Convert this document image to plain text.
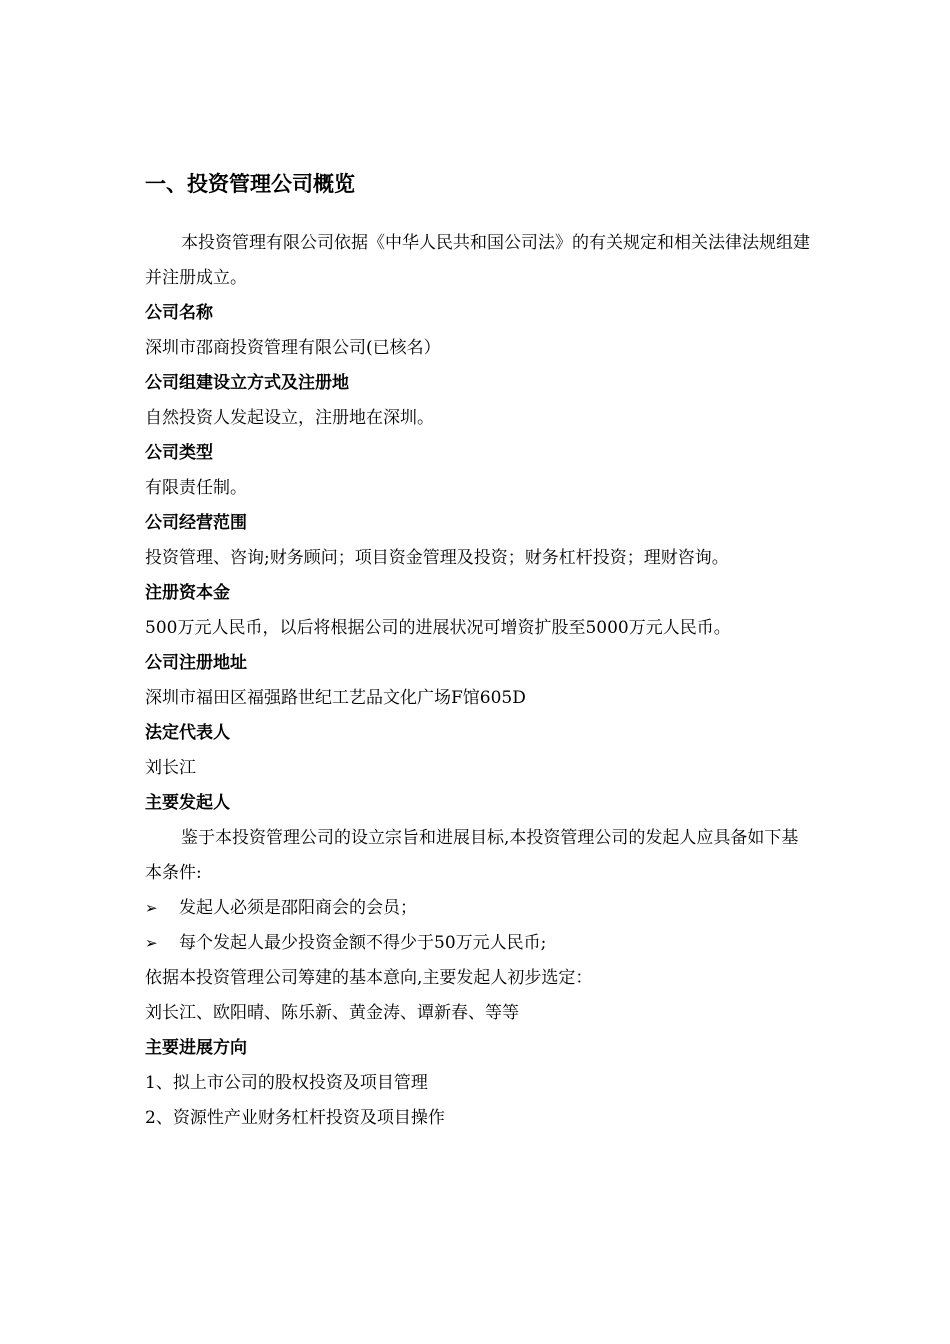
一、投资管理公司概览

本投资管理有限公司依据《中华人民共和国公司法》的有关规定和相关法律法规组建并注册成立。

公司名称

深圳市邵商投资管理有限公司(已核名）

公司组建设立方式及注册地

自然投资人发起设立，注册地在深圳。

公司类型

有限责任制。

公司经营范围

投资管理、咨询;财务顾问；项目资金管理及投资；财务杠杆投资；理财咨询。

注册资本金

500万元人民币，以后将根据公司的进展状况可增资扩股至5000万元人民币。

公司注册地址

深圳市福田区福强路世纪工艺品文化广场F馆605D

法定代表人

刘长江

主要发起人

鉴于本投资管理公司的设立宗旨和进展目标,本投资管理公司的发起人应具备如下基本条件:

➢	发起人必须是邵阳商会的会员；

➢	每个发起人最少投资金额不得少于50万元人民币;

依据本投资管理公司筹建的基本意向,主要发起人初步选定：

刘长江、欧阳晴、陈乐新、黄金涛、谭新春、等等

主要进展方向

1、拟上市公司的股权投资及项目管理

2、资源性产业财务杠杆投资及项目操作
